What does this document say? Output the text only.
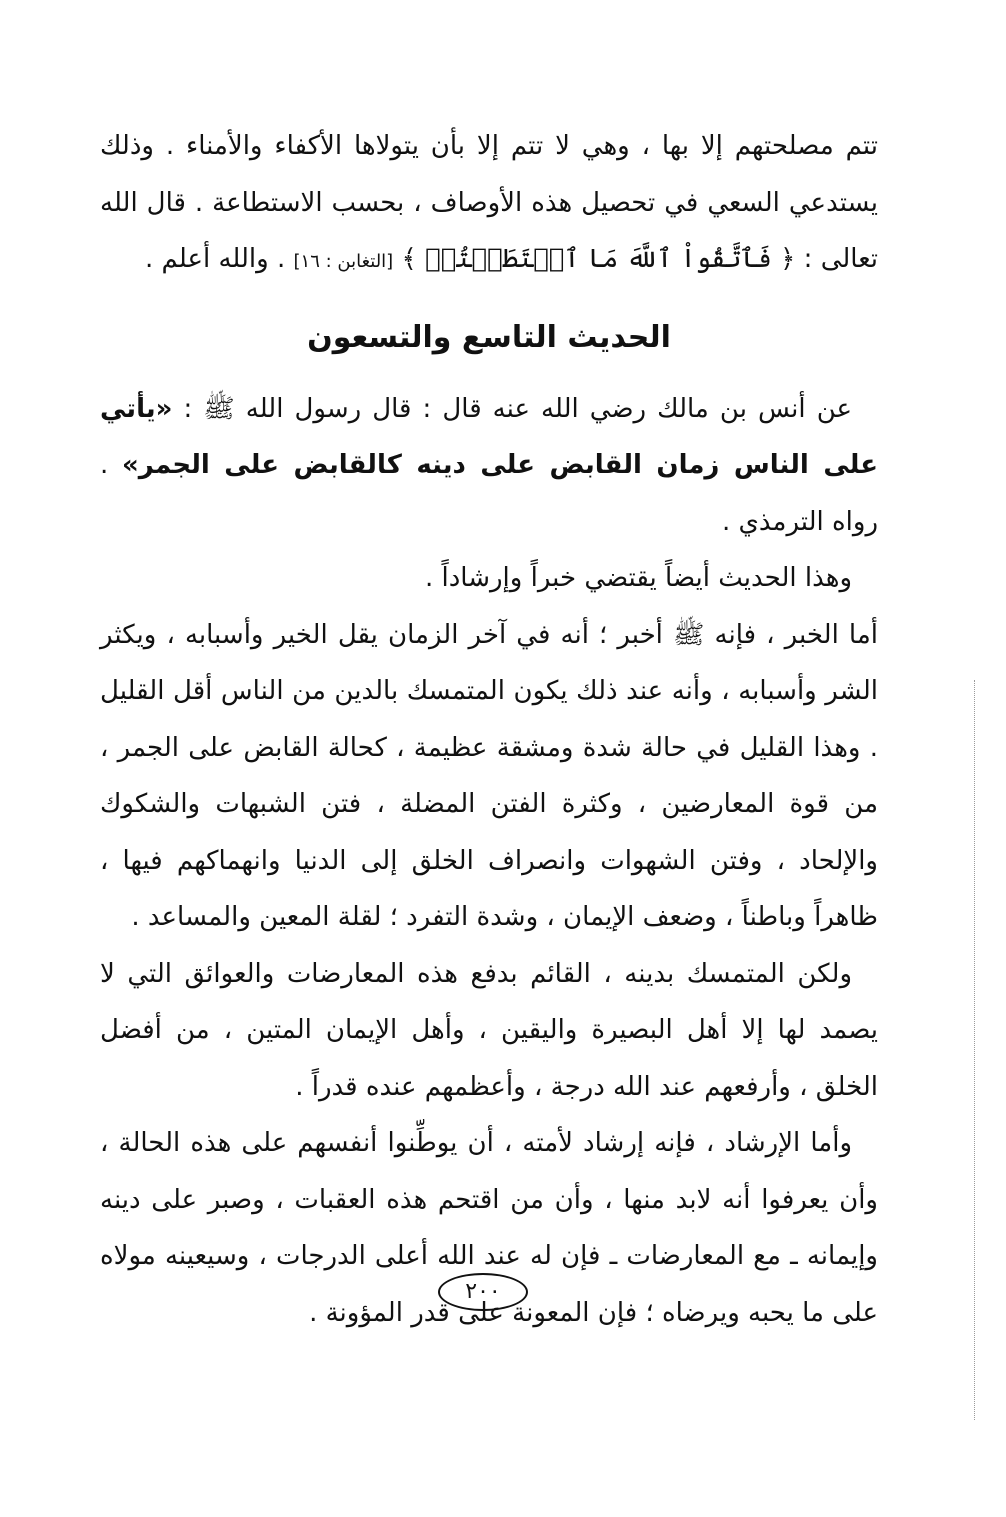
تتم مصلحتهم إلا بها ، وهي لا تتم إلا بأن يتولاها الأكفاء والأمناء . وذلك يستدعي السعي في تحصيل هذه الأوصاف ، بحسب الاستطاعة . قال الله تعالى : ﴿ فَٱتَّقُواْ ٱللَّهَ مَا ٱسۡتَطَعۡتُمۡ ﴾ [التغابن : ١٦] . والله أعلم .

الحديث التاسع والتسعون

عن أنس بن مالك رضي الله عنه قال : قال رسول الله ﷺ : «يأتي على الناس زمان القابض على دينه كالقابض على الجمر» . رواه الترمذي .

وهذا الحديث أيضاً يقتضي خبراً وإرشاداً .

أما الخبر ، فإنه ﷺ أخبر ؛ أنه في آخر الزمان يقل الخير وأسبابه ، ويكثر الشر وأسبابه ، وأنه عند ذلك يكون المتمسك بالدين من الناس أقل القليل . وهذا القليل في حالة شدة ومشقة عظيمة ، كحالة القابض على الجمر ، من قوة المعارضين ، وكثرة الفتن المضلة ، فتن الشبهات والشكوك والإلحاد ، وفتن الشهوات وانصراف الخلق إلى الدنيا وانهماكهم فيها ، ظاهراً وباطناً ، وضعف الإيمان ، وشدة التفرد ؛ لقلة المعين والمساعد .

ولكن المتمسك بدينه ، القائم بدفع هذه المعارضات والعوائق التي لا يصمد لها إلا أهل البصيرة واليقين ، وأهل الإيمان المتين ، من أفضل الخلق ، وأرفعهم عند الله درجة ، وأعظمهم عنده قدراً .

وأما الإرشاد ، فإنه إرشاد لأمته ، أن يوطِّنوا أنفسهم على هذه الحالة ، وأن يعرفوا أنه لابد منها ، وأن من اقتحم هذه العقبات ، وصبر على دينه وإيمانه ـ مع المعارضات ـ فإن له عند الله أعلى الدرجات ، وسيعينه مولاه على ما يحبه ويرضاه ؛ فإن المعونة على قدر المؤونة .

٢٠٠
